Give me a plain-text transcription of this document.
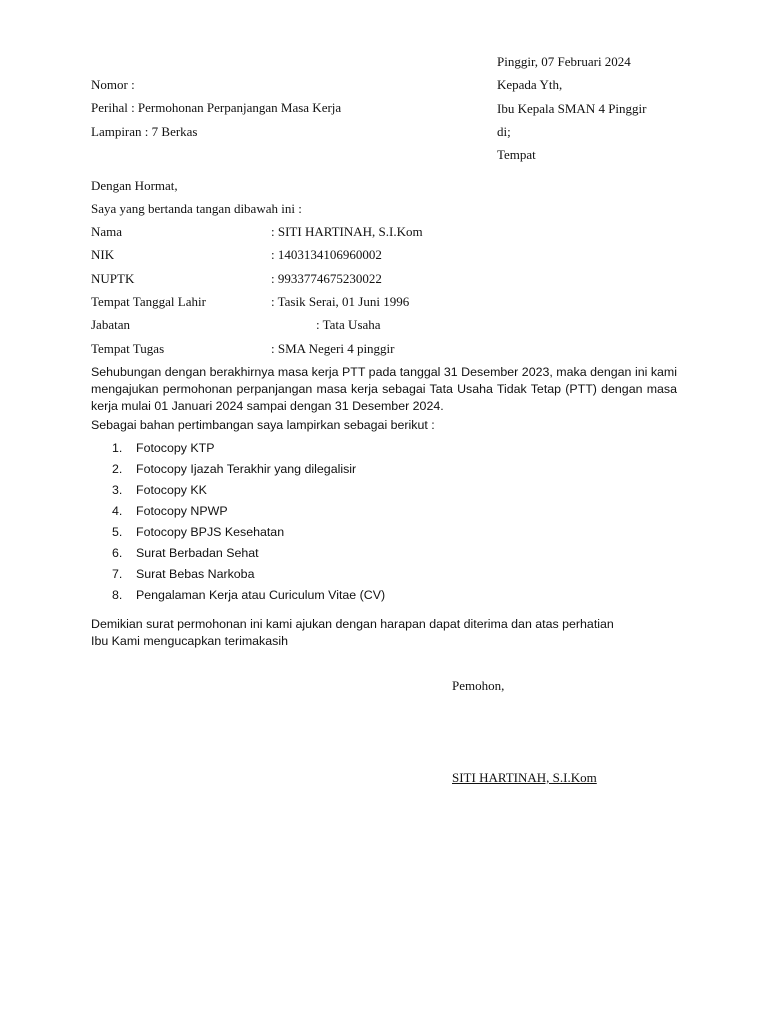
Pinggir, 07 Februari 2024
Kepada Yth,
Ibu Kepala SMAN 4 Pinggir
di;
Tempat
Nomor :
Perihal : Permohonan Perpanjangan Masa Kerja
Lampiran : 7 Berkas
Dengan Hormat,
Saya yang bertanda tangan dibawah ini :
Nama	: SITI HARTINAH, S.I.Kom
NIK	: 1403134106960002
NUPTK	: 9933774675230022
Tempat Tanggal Lahir	: Tasik Serai, 01 Juni 1996
Jabatan	: Tata Usaha
Tempat Tugas	: SMA Negeri 4 pinggir
Sehubungan dengan berakhirnya masa kerja PTT pada tanggal 31 Desember 2023, maka dengan ini kami mengajukan permohonan perpanjangan masa kerja sebagai Tata Usaha Tidak Tetap (PTT) dengan masa kerja mulai 01 Januari 2024 sampai dengan 31 Desember 2024.
Sebagai bahan pertimbangan saya lampirkan sebagai berikut :
1. Fotocopy KTP
2. Fotocopy Ijazah Terakhir yang dilegalisir
3. Fotocopy KK
4. Fotocopy NPWP
5. Fotocopy BPJS Kesehatan
6. Surat Berbadan Sehat
7. Surat Bebas Narkoba
8. Pengalaman Kerja atau Curiculum Vitae (CV)
Demikian surat permohonan ini kami ajukan dengan harapan dapat diterima dan atas perhatian
Ibu Kami mengucapkan terimakasih
Pemohon,
SITI HARTINAH, S.I.Kom
